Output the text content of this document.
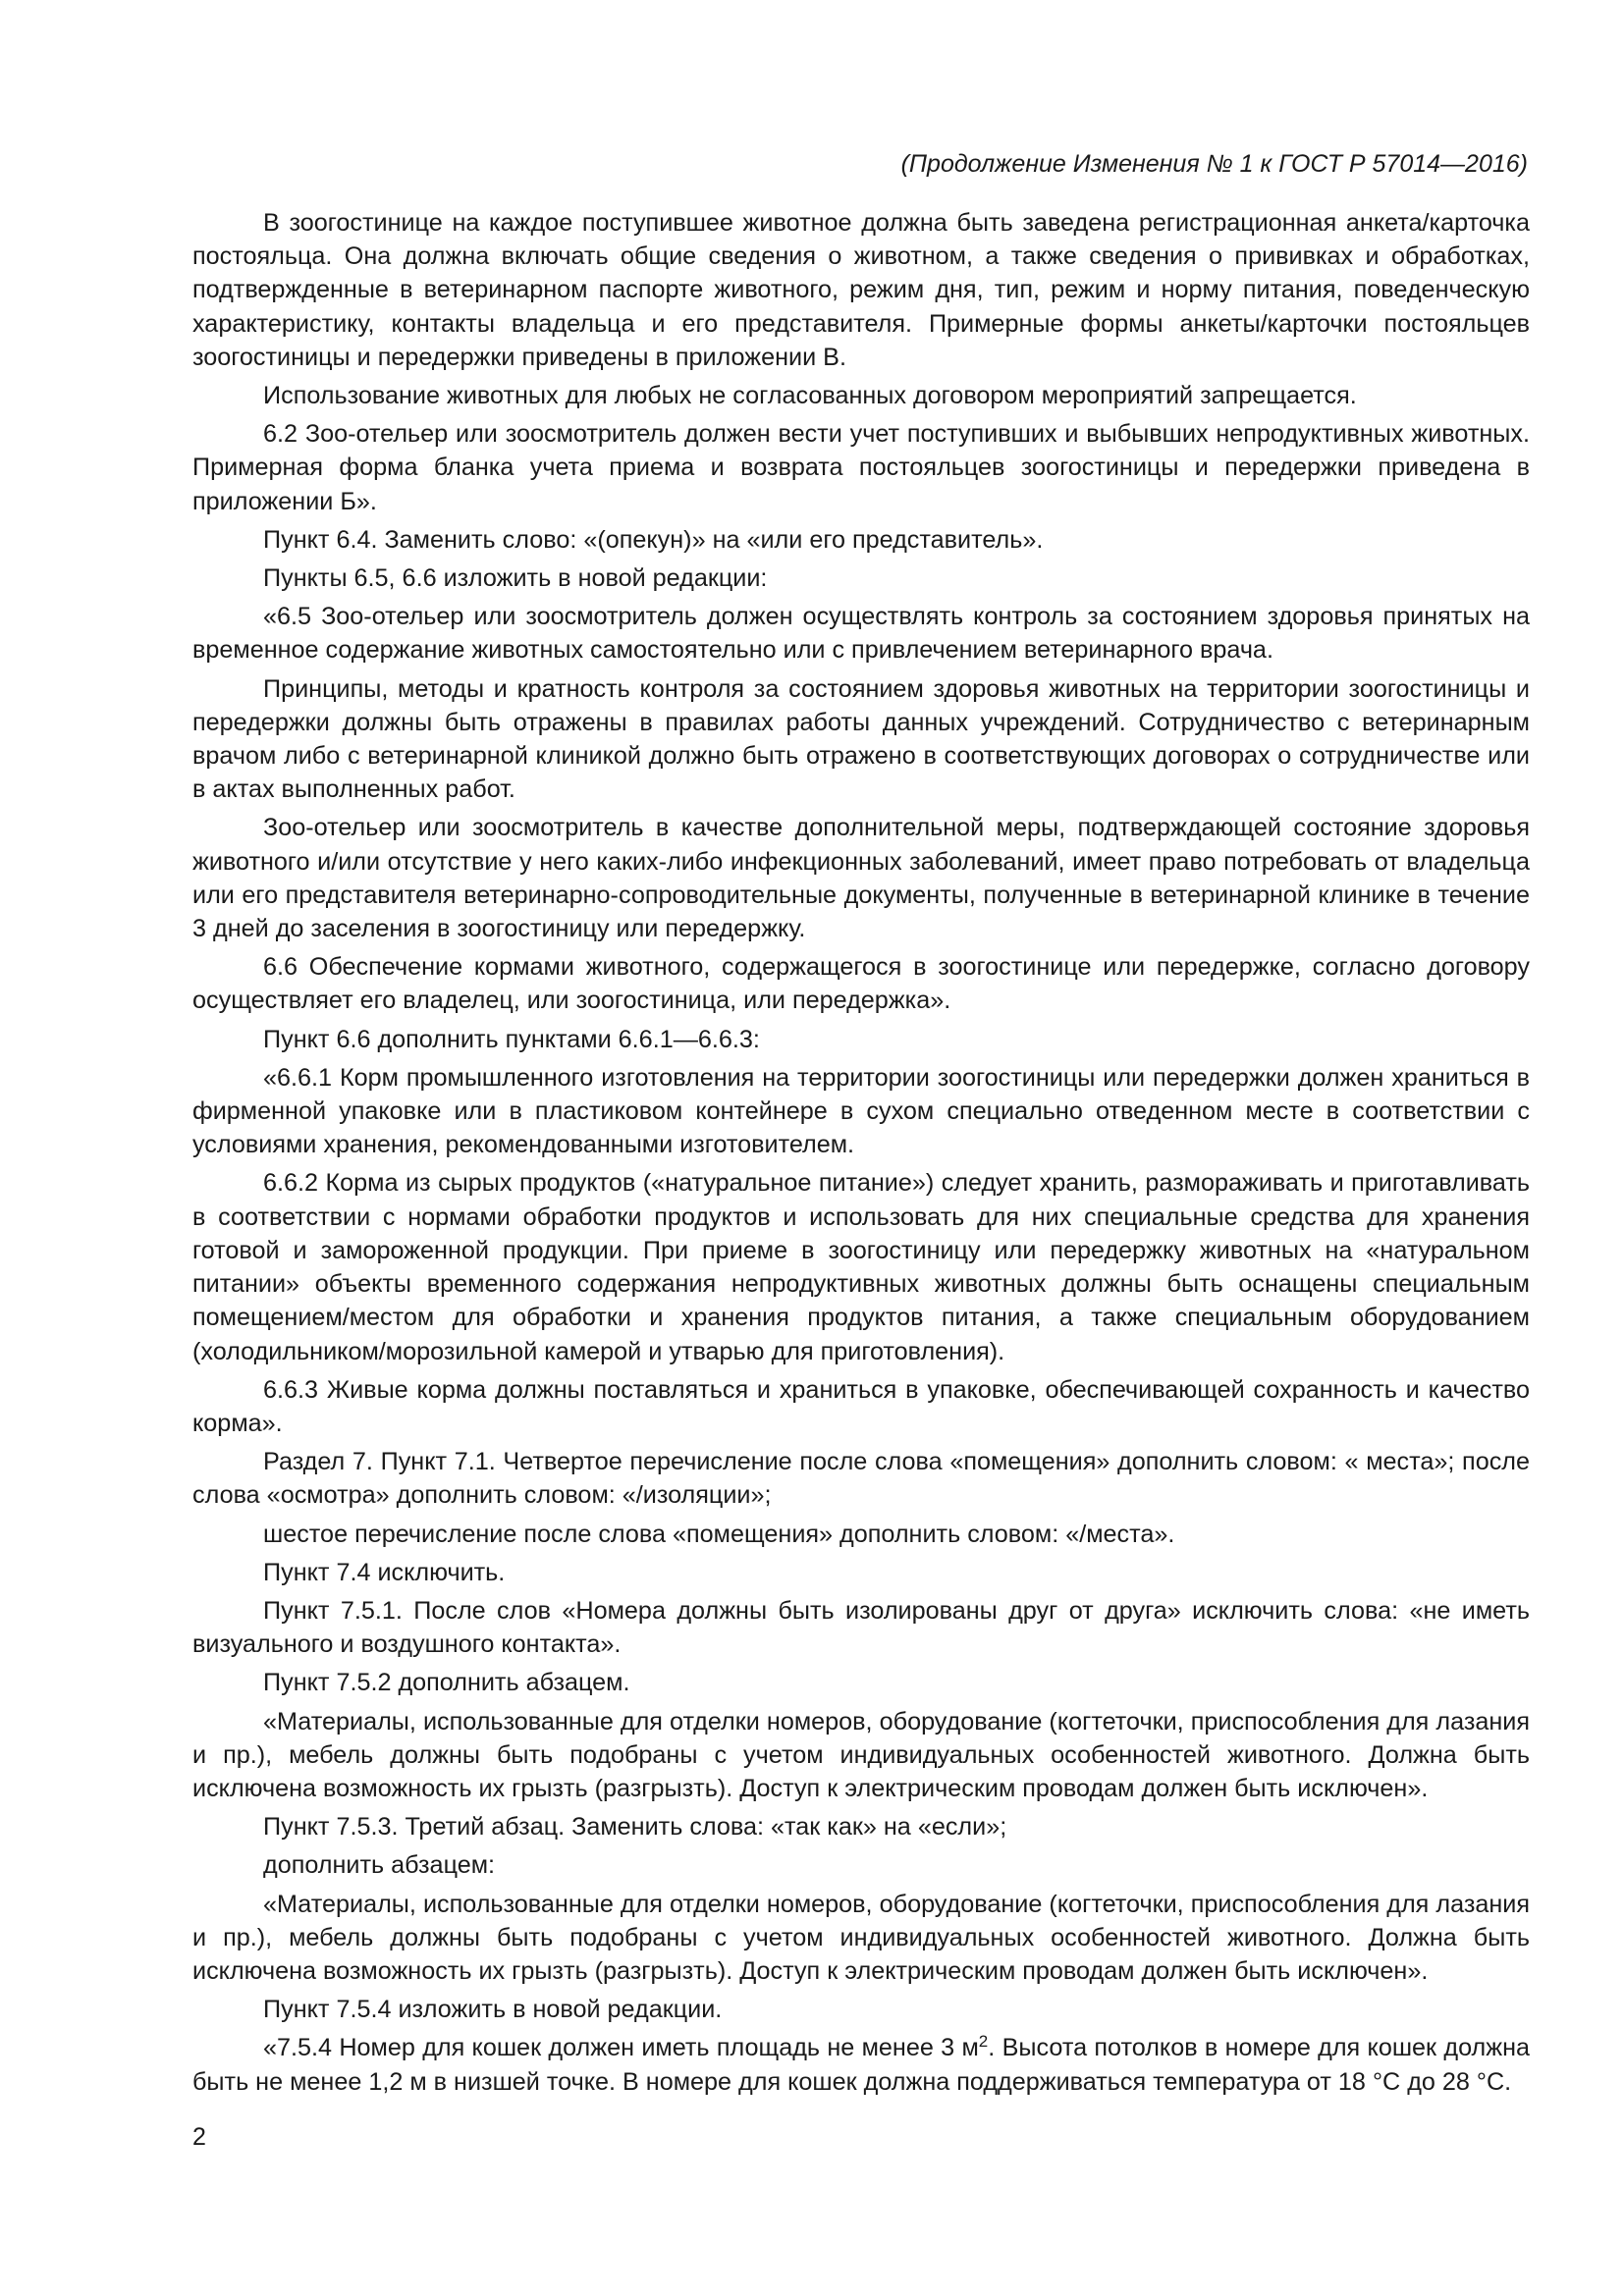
(Продолжение Изменения № 1 к ГОСТ Р 57014—2016)

В зоогостинице на каждое поступившее животное должна быть заведена регистрационная анкета/карточка постояльца. Она должна включать общие сведения о животном, а также сведения о прививках и обработках, подтвержденные в ветеринарном паспорте животного, режим дня, тип, режим и норму питания, поведенческую характеристику, контакты владельца и его представителя. Примерные формы анкеты/карточки постояльцев зоогостиницы и передержки приведены в приложении В.

Использование животных для любых не согласованных договором мероприятий запрещается.

6.2 Зоо-отельер или зоосмотритель должен вести учет поступивших и выбывших непродуктивных животных. Примерная форма бланка учета приема и возврата постояльцев зоогостиницы и передержки приведена в приложении Б».

Пункт 6.4. Заменить слово: «(опекун)» на «или его представитель».

Пункты 6.5, 6.6 изложить в новой редакции:

«6.5 Зоо-отельер или зоосмотритель должен осуществлять контроль за состоянием здоровья принятых на временное содержание животных самостоятельно или с привлечением ветеринарного врача.

Принципы, методы и кратность контроля за состоянием здоровья животных на территории зоогостиницы и передержки должны быть отражены в правилах работы данных учреждений. Сотрудничество с ветеринарным врачом либо с ветеринарной клиникой должно быть отражено в соответствующих договорах о сотрудничестве или в актах выполненных работ.

Зоо-отельер или зоосмотритель в качестве дополнительной меры, подтверждающей состояние здоровья животного и/или отсутствие у него каких-либо инфекционных заболеваний, имеет право потребовать от владельца или его представителя ветеринарно-сопроводительные документы, полученные в ветеринарной клинике в течение 3 дней до заселения в зоогостиницу или передержку.

6.6 Обеспечение кормами животного, содержащегося в зоогостинице или передержке, согласно договору осуществляет его владелец, или зоогостиница, или передержка».

Пункт 6.6 дополнить пунктами 6.6.1—6.6.3:

«6.6.1 Корм промышленного изготовления на территории зоогостиницы или передержки должен храниться в фирменной упаковке или в пластиковом контейнере в сухом специально отведенном месте в соответствии с условиями хранения, рекомендованными изготовителем.

6.6.2 Корма из сырых продуктов («натуральное питание») следует хранить, размораживать и приготавливать в соответствии с нормами обработки продуктов и использовать для них специальные средства для хранения готовой и замороженной продукции. При приеме в зоогостиницу или передержку животных на «натуральном питании» объекты временного содержания непродуктивных животных должны быть оснащены специальным помещением/местом для обработки и хранения продуктов питания, а также специальным оборудованием (холодильником/морозильной камерой и утварью для приготовления).

6.6.3 Живые корма должны поставляться и храниться в упаковке, обеспечивающей сохранность и качество корма».

Раздел 7. Пункт 7.1. Четвертое перечисление после слова «помещения» дополнить словом: « места»; после слова «осмотра» дополнить словом: «/изоляции»;

шестое перечисление после слова «помещения» дополнить словом: «/места».

Пункт 7.4 исключить.

Пункт 7.5.1. После слов «Номера должны быть изолированы друг от друга» исключить слова: «не иметь визуального и воздушного контакта».

Пункт 7.5.2 дополнить абзацем.

«Материалы, использованные для отделки номеров, оборудование (когтеточки, приспособления для лазания и пр.), мебель должны быть подобраны с учетом индивидуальных особенностей животного. Должна быть исключена возможность их грызть (разгрызть). Доступ к электрическим проводам должен быть исключен».

Пункт 7.5.3. Третий абзац. Заменить слова: «так как» на «если»;

дополнить абзацем:

«Материалы, использованные для отделки номеров, оборудование (когтеточки, приспособления для лазания и пр.), мебель должны быть подобраны с учетом индивидуальных особенностей животного. Должна быть исключена возможность их грызть (разгрызть). Доступ к электрическим проводам должен быть исключен».

Пункт 7.5.4 изложить в новой редакции.

«7.5.4 Номер для кошек должен иметь площадь не менее 3 $м^2$. Высота потолков в номере для кошек должна быть не менее 1,2 м в низшей точке. В номере для кошек должна поддерживаться температура от 18 °С до 28 °С.

2
